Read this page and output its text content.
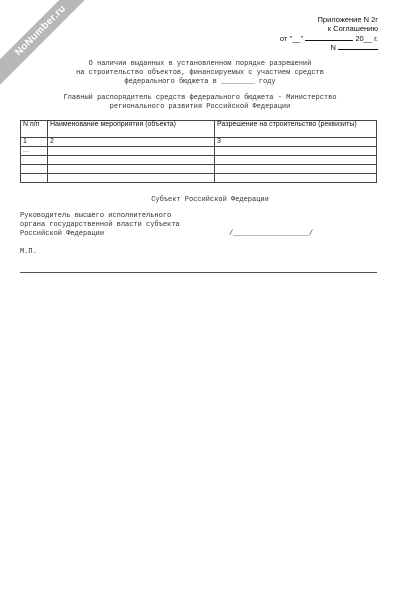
NoNumber.ru	Приложение N 2г
к Соглашению
от "__"	20__ г.
N
О наличии выданных в установленном порядке разрешений
на строительство объектов, финансируемых с участием средств
федерального бюджета в ________ году
Главный распорядитель средств федерального бюджета - Министерство
регионального развития Российской Федерации
N п/п	Наименование мероприятия (объекта)	Разрешение на строительство (реквизиты)
1	2	3
...		

Субъект Российской Федерации
Руководитель высшего исполнительного
органа государственной власти субъекта
Российской Федерации	/__________________/
М.П.
